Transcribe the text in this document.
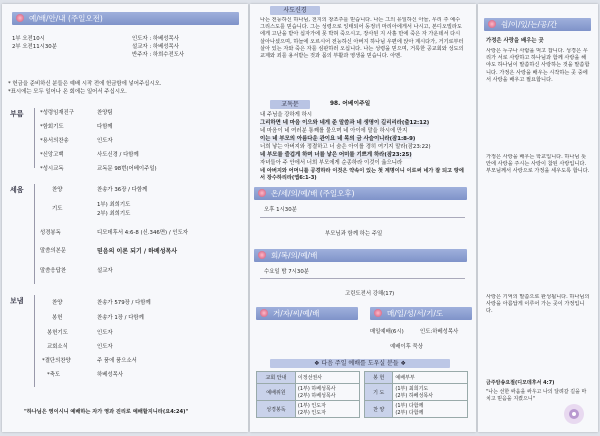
예/배/안/내 (주일오전)
1부 오전10시
2부 오전11시30분
인도자 : 하베성목사
설교자 : 하베성목사
반주자 : 하희수전도사
* 헌금을 준비하신 분들은 예배 시작 전에 헌금함에 넣어주십시오.
*표시에는 모두 일어나 온 회에는 일어서 주십시오.
부름	*성령임재진구	찬양팀
*함회기도	다함께
*용서의찬송	인도자
*신앙고백	사도신경 / 다함께
*성시교독	교독문 98번(어베이주일)
세움	찬양	찬송가 36장 / 다함께
기도
1부) 최희기도
2부) 최희기도
성경봉독	디모데후서 4:6-8 (신.346면) / 인도자
말씀의본문	믿음의 이론 되기 / 하베성목사
말씀응답찬	설교자
보냄	찬양	찬송가 579장 / 다함께
봉헌	찬송가 1장 / 다함께
봉헌기도	인도자
교회소식	인도자
*결단의찬양	주 품에 품으소서
*축도	하베성목사
"하나님은 영이시니 예배하는 자가 영과 진리로 예배할지니라(요4:24)"
사도신경
나는 전능하신 하나님, 천지의 창조주를 믿습니다. 나는 그의 유일하신 아들, 우리 주 예수 그리스도를 믿습니다. 그는 성령으로 잉태되어 동정녀 마리아에게서 나시고, 본디오빌라도에게 고난을 받아 십자가에 못 박혀 죽으시고, 장사된 지 사흘 만에 죽은 자 가운데서 다시 살아나셨으며, 하늘에 오르시어 전능하신 아버지 하나님 우편에 앉아 계시다가, 거기로부터 살아 있는 자와 죽은 자를 심판하러 오십니다. 나는 성령을 믿으며, 거룩한 공교회와 성도의 교제와 죄를 용서받는 것과 몸의 부활과 영생을 믿습니다. 아멘.
교독문	98. 어베이주일
내 주님을 강하게 하시
그리하면 네 마음 이으와 네게 준 말씀과 네 생명이 길리리라(출12:12)
네 마음이 네 여러분 통째를 물으며 네 아이에 말을 하시에 만지
이는 네 부모의 아름다운 관이요 네 목의 금 사슬이니라(잠1:8-9)
너희 낳는 아버지와 정결하고 너 숨은 아이를 경히 여기지 말라(잠23:22)
네 부모를 즐겁게 하며 너를 낳은 어미를 기쁘게 하라(잠23:25)
자녀들아 주 안에서 너희 부모에게 순종하라 이것이 옳으니라
네 아버지와 어머니를 공경하라 이것은 약속이 있는 첫 계명이니 이로써 네가 잘 되고 땅에서 장수하리라(엡6:1-3)
온/세/의/예/배 (주일오후)
오후 1시30분
부모님과 함께 하는 주일
회/복/의/예/배
수요일 밤 7시30분
고린도전서 강해(17)
거/자/씨/예/배	매/일/성/서/기/도
매일예배(6시)	인도:하베성목사
예배이후 묵상
❖ 다음 주일 예배를 도우실 분들 ❖
교회 안내	이정선권사
예배위원	(1부) 하베성목사
(2부) 하베성목사
성경봉독	(1부) 인도자
(2부) 인도자
봉 헌	예배부부
기 도	(1부) 최희기도
(2부) 하베성목사
찬 양	(1부) 다함께
(2부) 다함께
쉼/이/있/는/공/간
가정은 사랑을 배우는 곳
사랑은 누구나 사람을 먹고 잡니다. 성경은 우리가 서로 사랑하고 하나님과 함께 사랑을 해야도 하나님이 말씀하신 사랑하는 것을 말씀합니다. 가정은 사랑을 배우는 시작하는 곳 중에서 사랑을 배우고 필요합니다.
가정은 사랑을 배우는 학교입니다. 하나님 뜻 안에 사랑을 주시는 사랑이 참된 사랑입니다. 부모님께서 사랑으로 가정을 세우도록 합니다.
사랑은 기억의 말씀으로 완성됩니다. 하나님의 사랑을 아름답게 이루어 가는 곳이 가정입니다.
금주암송요절(디모데후서 4:7)
"나는 선한 싸움을 싸우고 나의 달려갈 길을 마치고 믿음을 지켰으니"
